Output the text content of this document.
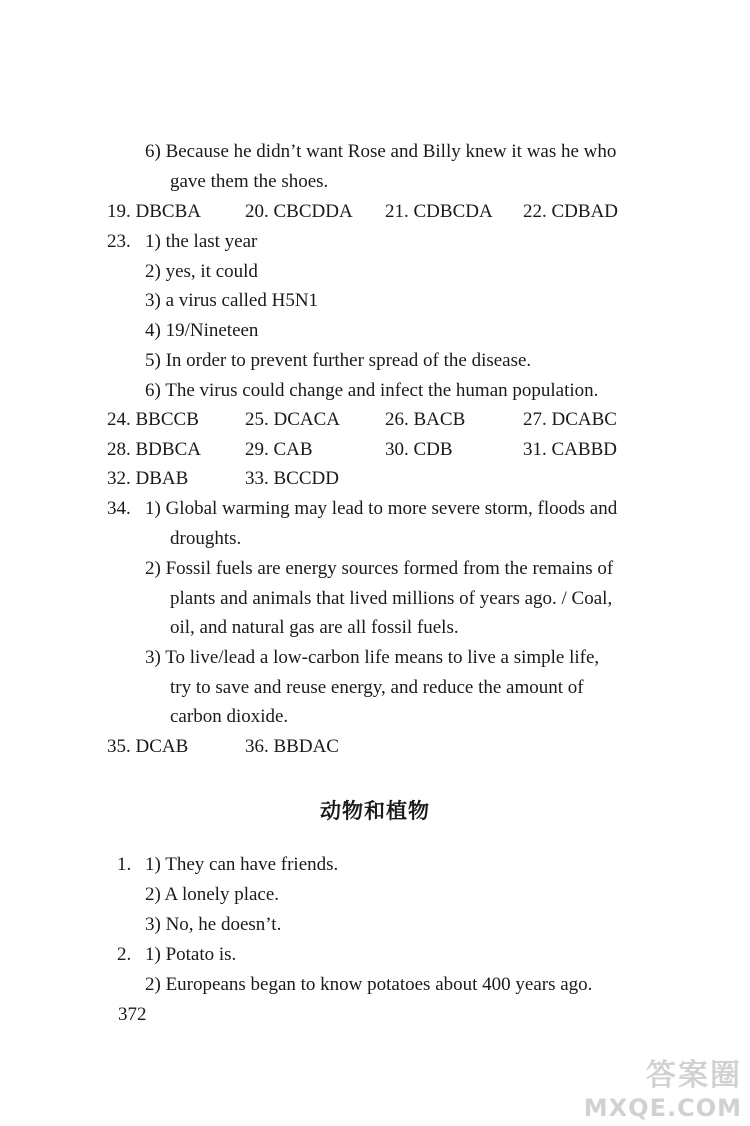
6) Because he didn’t want Rose and Billy knew it was he who
gave them the shoes.
19. DBCBA 20. CBCDDA 21. CDBCDA 22. CDBAD
23. 1) the last year
2) yes, it could
3) a virus called H5N1
4) 19/Nineteen
5) In order to prevent further spread of the disease.
6) The virus could change and infect the human population.
24. BBCCB 25. DCACA 26. BACB	27. DCABC
28. BDBCA 29. CAB	30. CDB	31. CABBD
32. DBAB	33. BCCDD
34. 1) Global warming may lead to more severe storm, floods and
droughts.
2) Fossil fuels are energy sources formed from the remains of
plants and animals that lived millions of years ago. / Coal,
oil, and natural gas are all fossil fuels.
3) To live/lead a low-carbon life means to live a simple life,
try to save and reuse energy, and reduce the amount of
carbon dioxide.
35. DCAB	36. BBDAC
动物和植物
1. 1) They can have friends.
2) A lonely place.
3) No, he doesn’t.
2. 1) Potato is.
2) Europeans began to know potatoes about 400 years ago.
372
答案圈
MXQE.COM
